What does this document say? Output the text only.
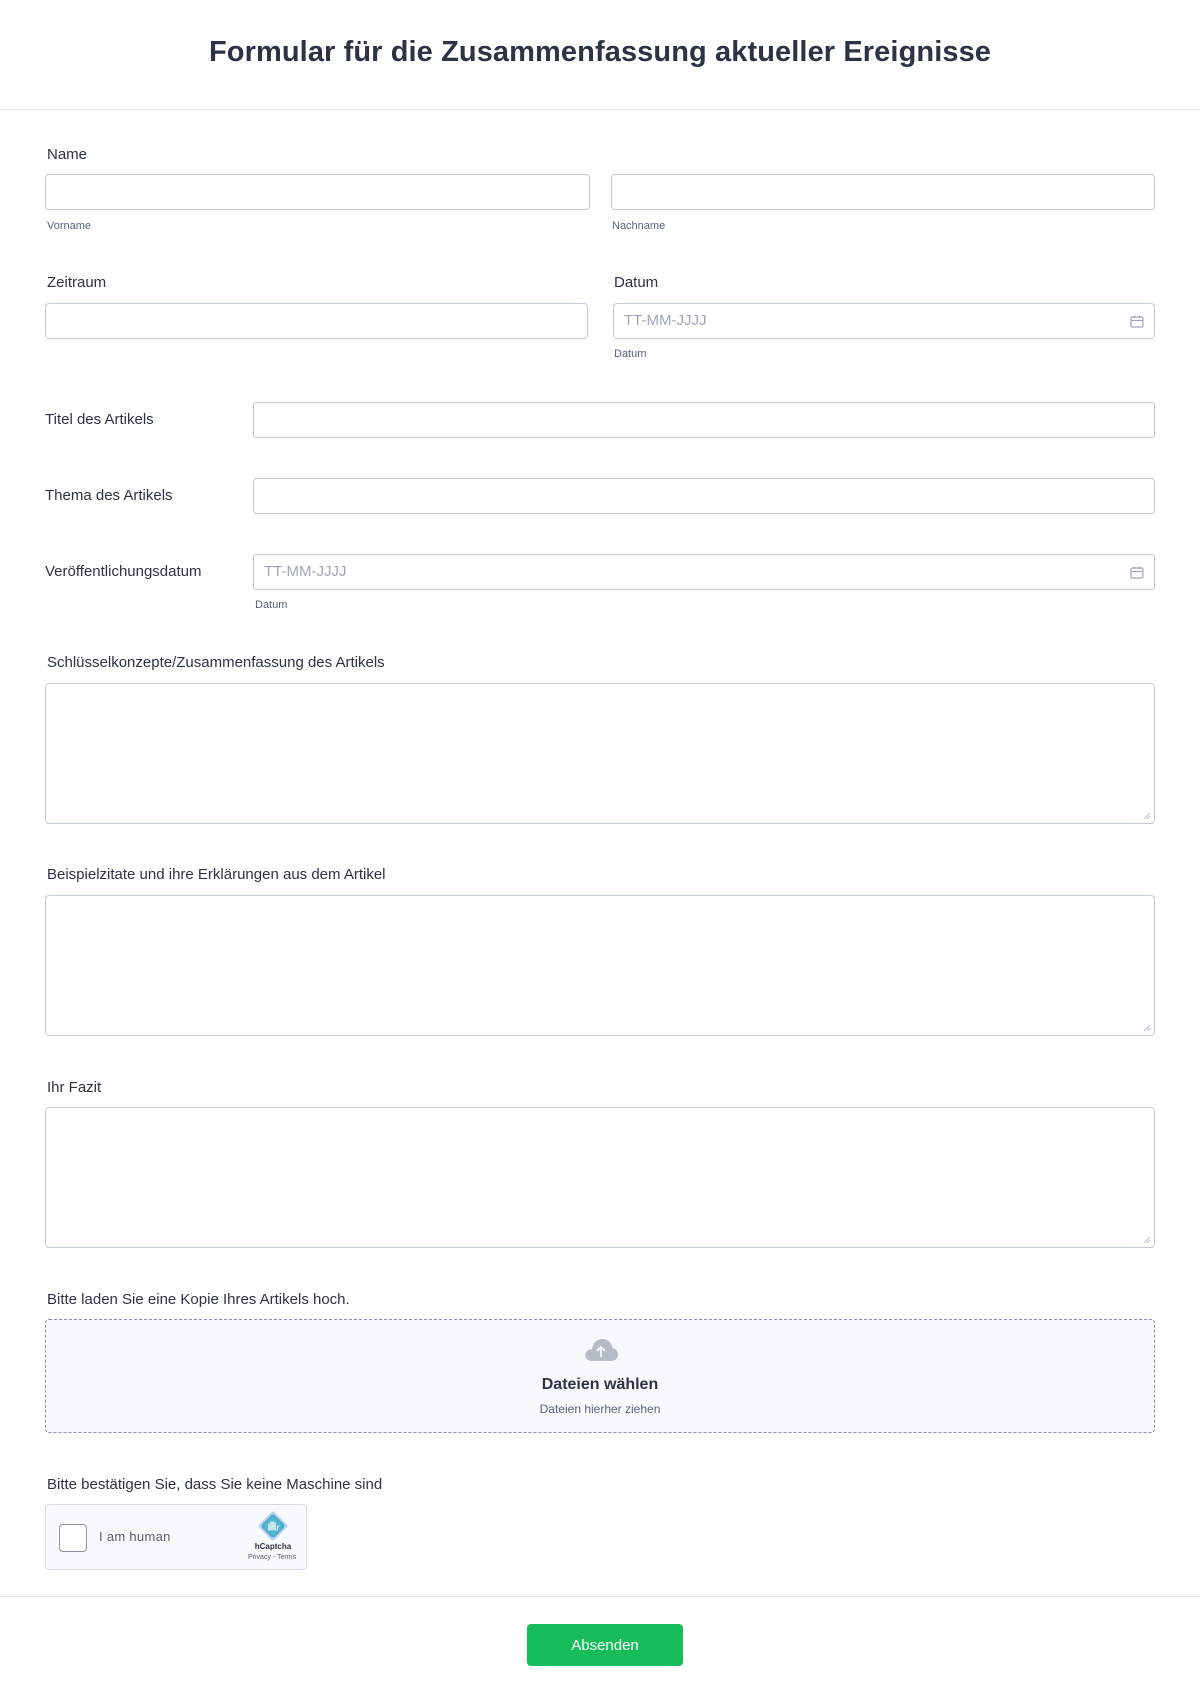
Formular für die Zusammenfassung aktueller Ereignisse
Name
Vorname	Nachname
Zeitraum	Datum
TT-MM-JJJJ
Datum
Titel des Artikels
Thema des Artikels
Veröffentlichungsdatum	TT-MM-JJJJ
Datum
Schlüsselkonzepte/Zusammenfassung des Artikels
Beispielzitate und ihre Erklärungen aus dem Artikel
Ihr Fazit
Bitte laden Sie eine Kopie Ihres Artikels hoch.
Dateien wählen
Dateien hierher ziehen
Bitte bestätigen Sie, dass Sie keine Maschine sind
I am human
hCaptcha
Privacy - Terms
Absenden
